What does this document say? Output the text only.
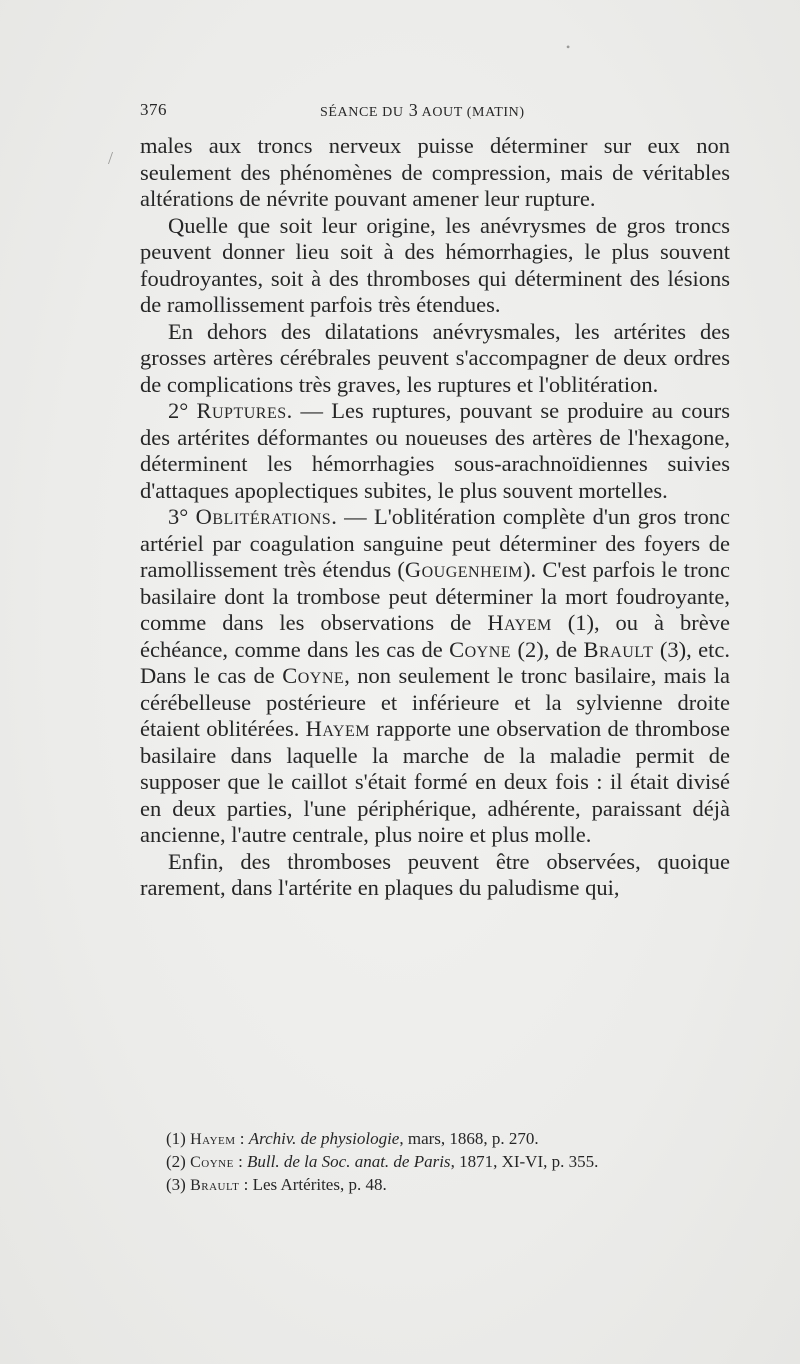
•
/
376	SÉANCE DU 3 AOUT (MATIN)

males aux troncs nerveux puisse déterminer sur eux non seulement des phénomènes de compression, mais de véritables altérations de névrite pouvant amener leur rupture.

Quelle que soit leur origine, les anévrysmes de gros troncs peuvent donner lieu soit à des hémorrhagies, le plus souvent foudroyantes, soit à des thromboses qui déterminent des lésions de ramollissement parfois très étendues.

En dehors des dilatations anévrysmales, les artérites des grosses artères cérébrales peuvent s'accompagner de deux ordres de complications très graves, les ruptures et l'oblitération.

2° Ruptures. — Les ruptures, pouvant se produire au cours des artérites déformantes ou noueuses des artères de l'hexagone, déterminent les hémorrhagies sous-arachnoïdiennes suivies d'attaques apoplectiques subites, le plus souvent mortelles.

3° Oblitérations. — L'oblitération complète d'un gros tronc artériel par coagulation sanguine peut déterminer des foyers de ramollissement très étendus (Gougenheim). C'est parfois le tronc basilaire dont la trombose peut déterminer la mort foudroyante, comme dans les observations de Hayem (1), ou à brève échéance, comme dans les cas de Coyne (2), de Brault (3), etc. Dans le cas de Coyne, non seulement le tronc basilaire, mais la cérébelleuse postérieure et inférieure et la sylvienne droite étaient oblitérées. Hayem rapporte une observation de thrombose basilaire dans laquelle la marche de la maladie permit de supposer que le caillot s'était formé en deux fois : il était divisé en deux parties, l'une périphérique, adhérente, paraissant déjà ancienne, l'autre centrale, plus noire et plus molle.

Enfin, des thromboses peuvent être observées, quoique rarement, dans l'artérite en plaques du paludisme qui,

(1) Hayem : Archiv. de physiologie, mars, 1868, p. 270.
(2) Coyne : Bull. de la Soc. anat. de Paris, 1871, XI-VI, p. 355.
(3) Brault : Les Artérites, p. 48.
